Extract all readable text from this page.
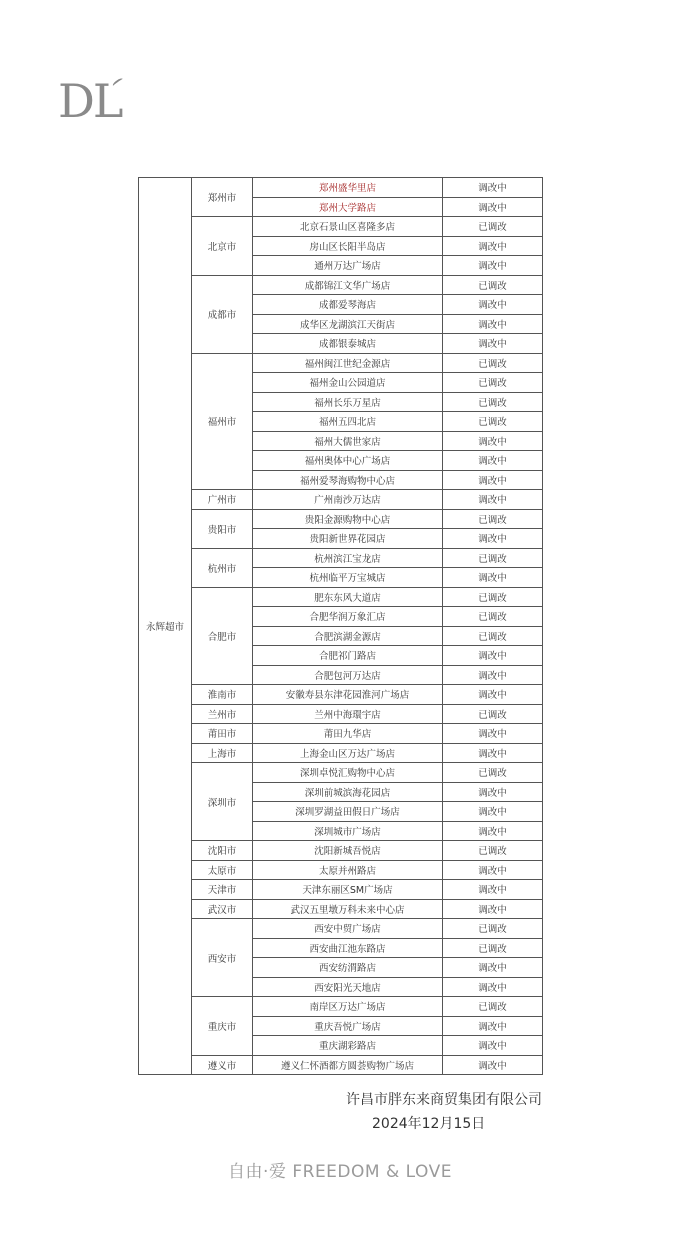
DL
永辉超市	郑州市	郑州盛华里店	调改中
		郑州大学路店	调改中
	北京市	北京石景山区喜隆多店	已调改
		房山区长阳半岛店	调改中
		通州万达广场店	调改中
	成都市	成都锦江文华广场店	已调改
		成都爱琴海店	调改中
		成华区龙湖滨江天街店	调改中
		成都银泰城店	调改中
	福州市	福州闽江世纪金源店	已调改
		福州金山公园道店	已调改
		福州长乐万星店	已调改
		福州五四北店	已调改
		福州大儒世家店	调改中
		福州奥体中心广场店	调改中
		福州爱琴海购物中心店	调改中
	广州市	广州南沙万达店	调改中
	贵阳市	贵阳金源购物中心店	已调改
		贵阳新世界花园店	调改中
	杭州市	杭州滨江宝龙店	已调改
		杭州临平万宝城店	调改中
	合肥市	肥东东风大道店	已调改
		合肥华润万象汇店	已调改
		合肥滨湖金源店	已调改
		合肥祁门路店	调改中
		合肥包河万达店	调改中
	淮南市	安徽寿县东津花园淮河广场店	调改中
	兰州市	兰州中海環宇店	已调改
	莆田市	莆田九华店	调改中
	上海市	上海金山区万达广场店	调改中
	深圳市	深圳卓悦汇购物中心店	已调改
		深圳前城滨海花园店	调改中
		深圳罗湖益田假日广场店	调改中
		深圳城市广场店	调改中
	沈阳市	沈阳新城吾悦店	已调改
	太原市	太原并州路店	调改中
	天津市	天津东丽区SM广场店	调改中
	武汉市	武汉五里墩万科未来中心店	调改中
	西安市	西安中贸广场店	已调改
		西安曲江池东路店	已调改
		西安纺渭路店	调改中
		西安阳光天地店	调改中
	重庆市	南岸区万达广场店	已调改
		重庆吾悦广场店	调改中
		重庆湖彩路店	调改中
	遵义市	遵义仁怀酒都方圆荟购物广场店	调改中
许昌市胖东来商贸集团有限公司
2024年12月15日
自由·爱 FREEDOM & LOVE
